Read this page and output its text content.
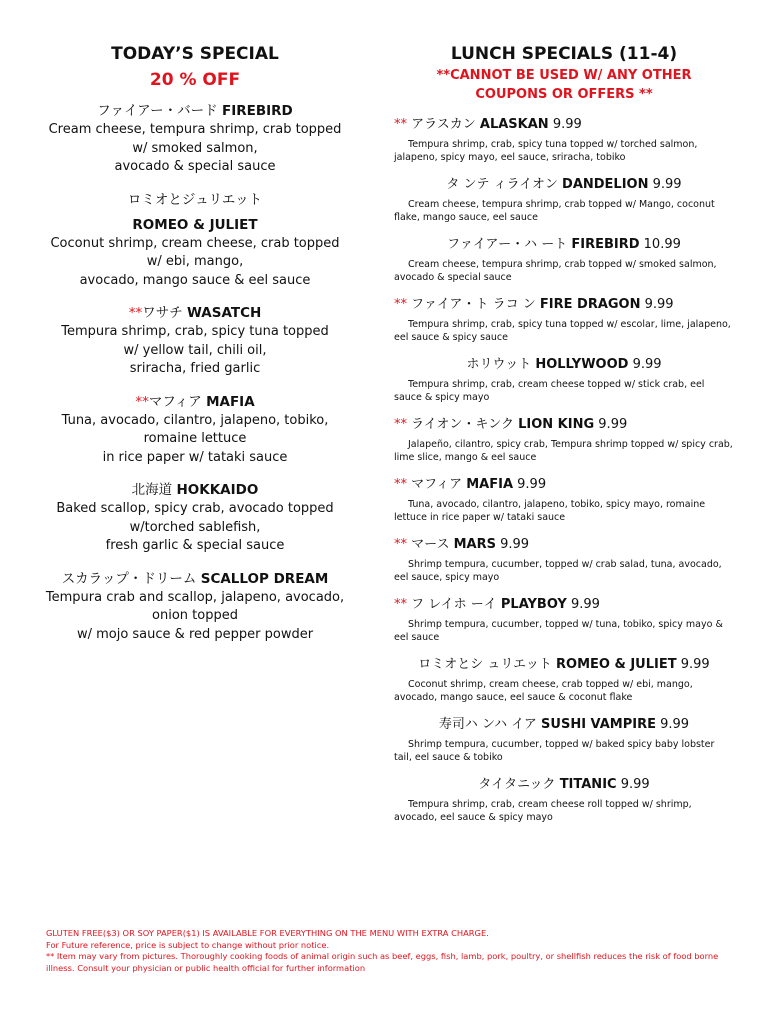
TODAY’S SPECIAL
20 % OFF
ファイアー・バード FIREBIRD
Cream cheese, tempura shrimp, crab topped
w/ smoked salmon,
avocado & special sauce
ロミオとジュリエット
ROMEO & JULIET
Coconut shrimp, cream cheese, crab topped
w/ ebi, mango,
avocado, mango sauce & eel sauce
**ワサチ WASATCH
Tempura shrimp, crab, spicy tuna topped
w/ yellow tail, chili oil,
sriracha, fried garlic
**マフィア MAFIA
Tuna, avocado, cilantro, jalapeno, tobiko,
romaine lettuce
in rice paper w/ tataki sauce
北海道 HOKKAIDO
Baked scallop, spicy crab, avocado topped
w/torched sablefish,
fresh garlic & special sauce
スカラップ・ドリーム SCALLOP DREAM
Tempura crab and scallop, jalapeno, avocado,
onion topped
w/ mojo sauce & red pepper powder
LUNCH SPECIALS (11-4)
**CANNOT BE USED W/ ANY OTHER
COUPONS OR OFFERS **
** アラスカン ALASKAN 9.99
Tempura shrimp, crab, spicy tuna topped w/ torched salmon, jalapeno, spicy mayo, eel sauce, sriracha, tobiko
タ ンテ ィライオン DANDELION 9.99
Cream cheese, tempura shrimp, crab topped w/ Mango, coconut flake, mango sauce, eel sauce
ファイアー・ハ ート FIREBIRD 10.99
Cream cheese, tempura shrimp, crab topped w/ smoked salmon, avocado & special sauce
** ファイア・ト ラコ ン FIRE DRAGON 9.99
Tempura shrimp, crab, spicy tuna topped w/ escolar, lime, jalapeno, eel sauce & spicy sauce
ホリウット HOLLYWOOD 9.99
Tempura shrimp, crab, cream cheese topped w/ stick crab, eel sauce & spicy mayo
** ライオン・キンク LION KING 9.99
Jalapeño, cilantro, spicy crab, Tempura shrimp topped w/ spicy crab, lime slice, mango & eel sauce
** マフィア MAFIA 9.99
Tuna, avocado, cilantro, jalapeno, tobiko, spicy mayo, romaine lettuce in rice paper w/ tataki sauce
** マース MARS 9.99
Shrimp tempura, cucumber, topped w/ crab salad, tuna, avocado, eel sauce, spicy mayo
** フ レイホ ーイ PLAYBOY 9.99
Shrimp tempura, cucumber, topped w/ tuna, tobiko, spicy mayo & eel sauce
ロミオとシ ュリエット ROMEO & JULIET 9.99
Coconut shrimp, cream cheese, crab topped w/ ebi, mango, avocado, mango sauce, eel sauce & coconut flake
寿司ハ ンハ イア SUSHI VAMPIRE 9.99
Shrimp tempura, cucumber, topped w/ baked spicy baby lobster tail, eel sauce & tobiko
タイタニック TITANIC 9.99
Tempura shrimp, crab, cream cheese roll topped w/ shrimp, avocado, eel sauce & spicy mayo
GLUTEN FREE($3) OR SOY PAPER($1) IS AVAILABLE FOR EVERYTHING ON THE MENU WITH EXTRA CHARGE.
For Future reference, price is subject to change without prior notice.
** Item may vary from pictures. Thoroughly cooking foods of animal origin such as beef, eggs, fish, lamb, pork, poultry, or shellfish reduces the risk of food borne illness. Consult your physician or public health official for further information
